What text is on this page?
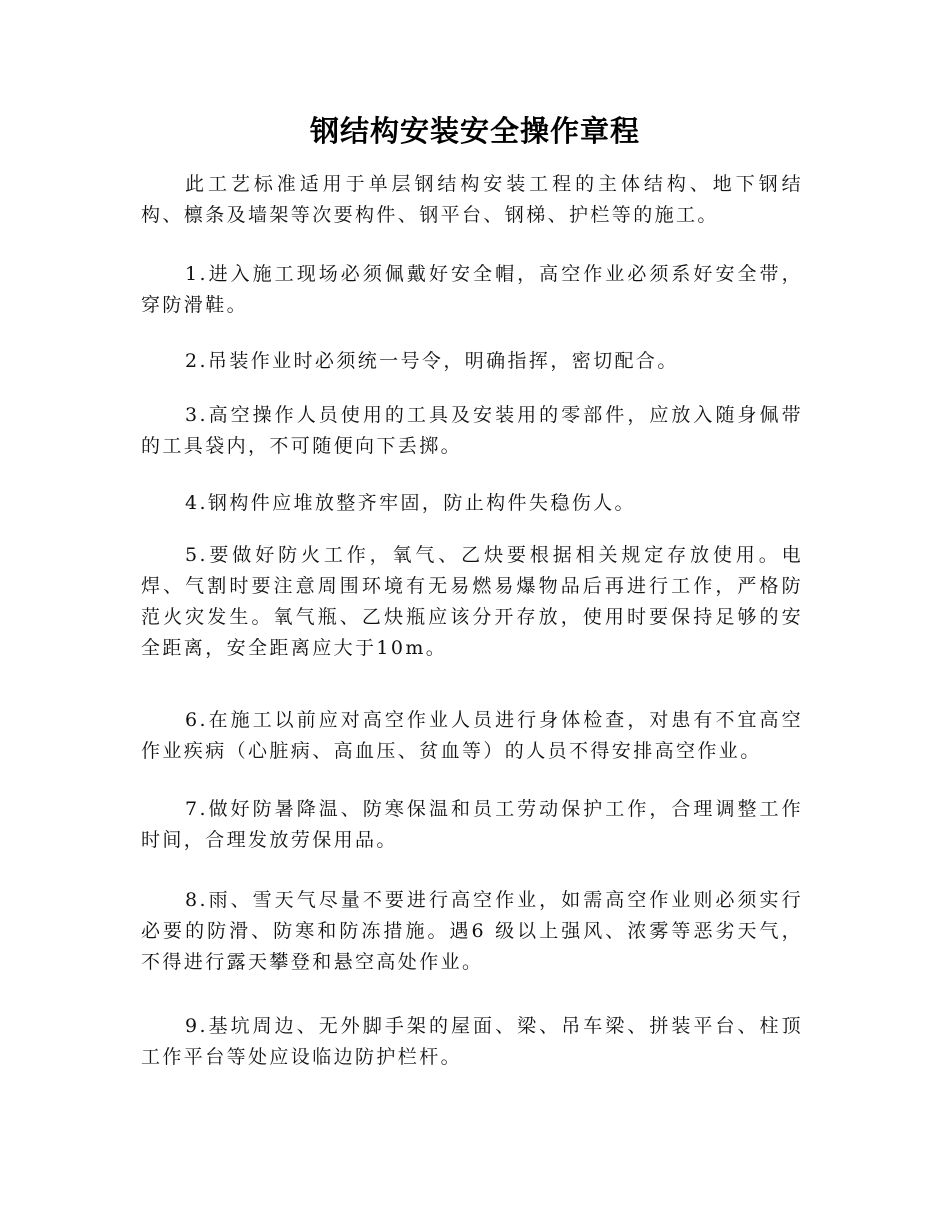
钢结构安装安全操作章程

此工艺标准适用于单层钢结构安装工程的主体结构、地下钢结构、檩条及墙架等次要构件、钢平台、钢梯、护栏等的施工。

1.进入施工现场必须佩戴好安全帽，高空作业必须系好安全带，穿防滑鞋。

2.吊装作业时必须统一号令，明确指挥，密切配合。

3.高空操作人员使用的工具及安装用的零部件，应放入随身佩带的工具袋内，不可随便向下丢掷。

4.钢构件应堆放整齐牢固，防止构件失稳伤人。

5.要做好防火工作，氧气、乙炔要根据相关规定存放使用。电焊、气割时要注意周围环境有无易燃易爆物品后再进行工作，严格防范火灾发生。氧气瓶、乙炔瓶应该分开存放，使用时要保持足够的安全距离，安全距离应大于10m。

6.在施工以前应对高空作业人员进行身体检查，对患有不宜高空作业疾病（心脏病、高血压、贫血等）的人员不得安排高空作业。

7.做好防暑降温、防寒保温和员工劳动保护工作，合理调整工作时间，合理发放劳保用品。

8.雨、雪天气尽量不要进行高空作业，如需高空作业则必须实行必要的防滑、防寒和防冻措施。遇6 级以上强风、浓雾等恶劣天气，不得进行露天攀登和悬空高处作业。

9.基坑周边、无外脚手架的屋面、梁、吊车梁、拼装平台、柱顶工作平台等处应设临边防护栏杆。
